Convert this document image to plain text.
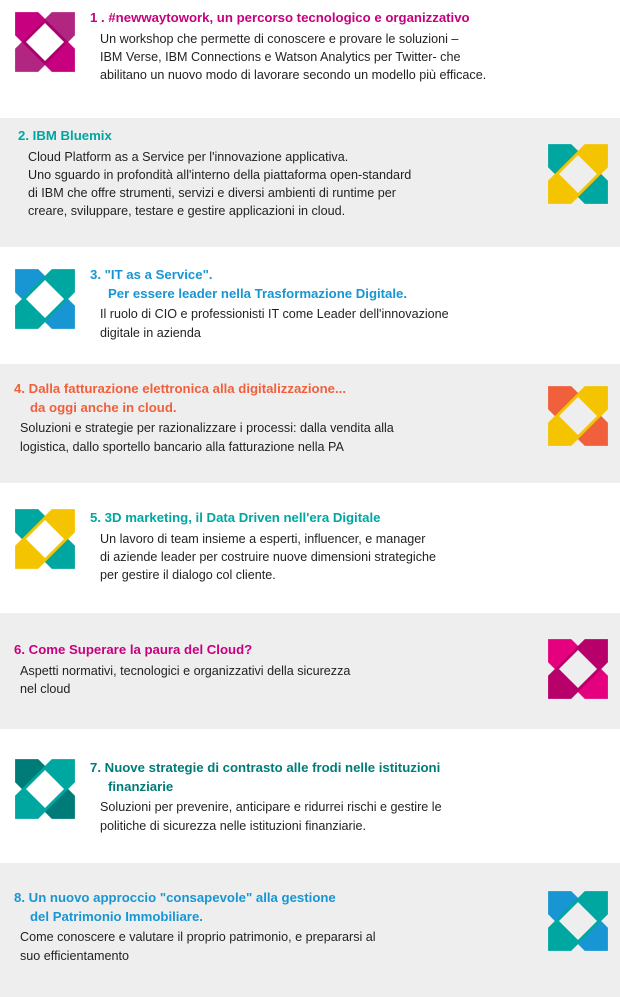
1 . #newwaytowork, un percorso tecnologico e organizzativo
Un workshop che permette di conoscere e provare le soluzioni –
IBM Verse, IBM Connections e Watson Analytics per Twitter- che
abilitano un nuovo modo di lavorare secondo un modello più efficace.
2. IBM Bluemix
Cloud Platform as a Service per l'innovazione applicativa.
Uno sguardo in profondità all'interno della piattaforma open-standard
di IBM che offre strumenti, servizi e diversi ambienti di runtime per
creare, sviluppare, testare e gestire applicazioni in cloud.
3. "IT as a Service".
Per essere leader nella Trasformazione Digitale.
Il ruolo di CIO e professionisti IT come Leader dell'innovazione
digitale in azienda
4. Dalla fatturazione elettronica alla digitalizzazione...
da oggi anche in cloud.
Soluzioni e strategie per razionalizzare i processi: dalla vendita alla
logistica, dallo sportello bancario alla fatturazione nella PA
5. 3D marketing, il Data Driven nell'era Digitale
Un lavoro di team insieme a esperti, influencer, e manager
di aziende leader per costruire nuove dimensioni strategiche
per gestire il dialogo col cliente.
6. Come Superare la paura del Cloud?
Aspetti normativi, tecnologici e organizzativi della sicurezza
nel cloud
7. Nuove strategie di contrasto alle frodi nelle istituzioni
finanziarie
Soluzioni per prevenire, anticipare e ridurrei rischi e gestire le
politiche di sicurezza nelle istituzioni finanziarie.
8. Un nuovo approccio "consapevole" alla gestione
del Patrimonio Immobiliare.
Come conoscere e valutare il proprio patrimonio, e prepararsi al
suo efficientamento
